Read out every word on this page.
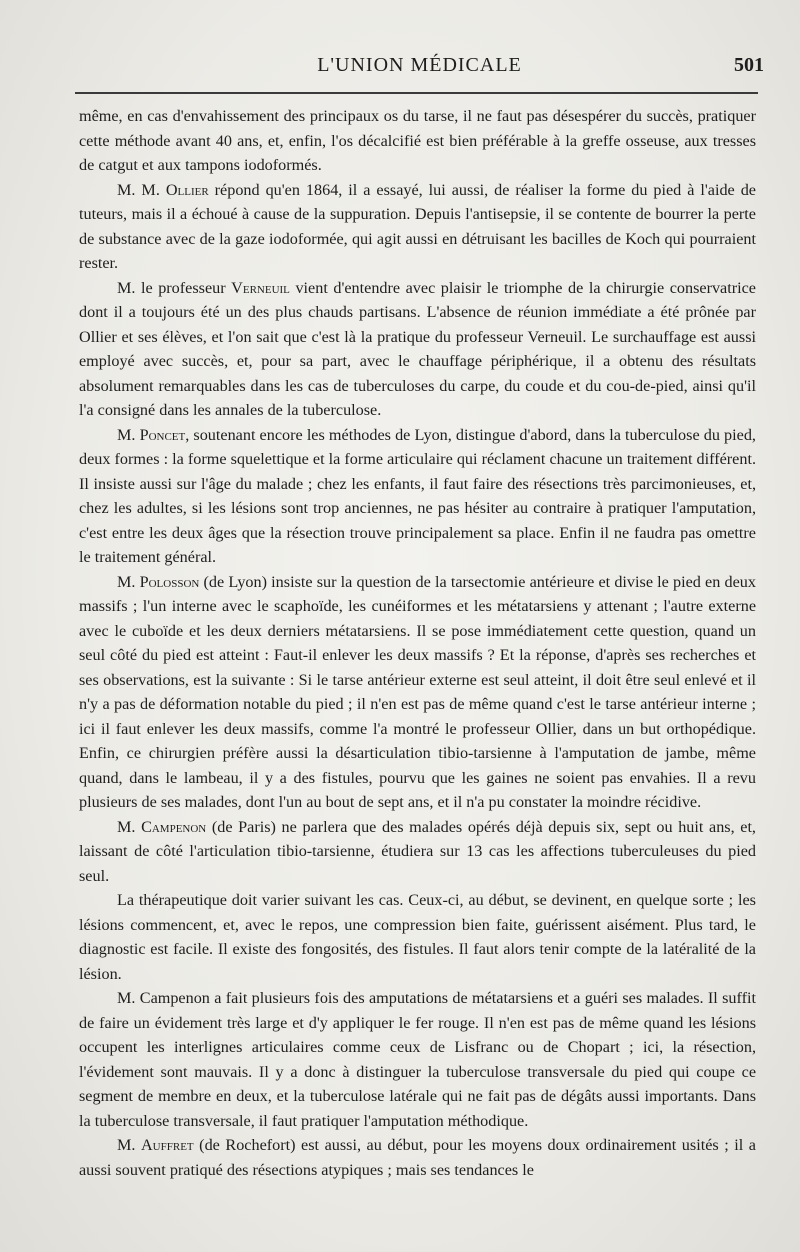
L'UNION MÉDICALE	501

même, en cas d'envahissement des principaux os du tarse, il ne faut pas désespérer du succès, pratiquer cette méthode avant 40 ans, et, enfin, l'os décalcifié est bien préférable à la greffe osseuse, aux tresses de catgut et aux tampons iodoformés.

M. M. Ollier répond qu'en 1864, il a essayé, lui aussi, de réaliser la forme du pied à l'aide de tuteurs, mais il a échoué à cause de la suppuration. Depuis l'antisepsie, il se contente de bourrer la perte de substance avec de la gaze iodoformée, qui agit aussi en détruisant les bacilles de Koch qui pourraient rester.

M. le professeur Verneuil vient d'entendre avec plaisir le triomphe de la chirurgie conservatrice dont il a toujours été un des plus chauds partisans. L'absence de réunion immédiate a été prônée par Ollier et ses élèves, et l'on sait que c'est là la pratique du professeur Verneuil. Le surchauffage est aussi employé avec succès, et, pour sa part, avec le chauffage périphérique, il a obtenu des résultats absolument remarquables dans les cas de tuberculoses du carpe, du coude et du cou-de-pied, ainsi qu'il l'a consigné dans les annales de la tuberculose.

M. Poncet, soutenant encore les méthodes de Lyon, distingue d'abord, dans la tuberculose du pied, deux formes : la forme squelettique et la forme articulaire qui réclament chacune un traitement différent. Il insiste aussi sur l'âge du malade ; chez les enfants, il faut faire des résections très parcimonieuses, et, chez les adultes, si les lésions sont trop anciennes, ne pas hésiter au contraire à pratiquer l'amputation, c'est entre les deux âges que la résection trouve principalement sa place. Enfin il ne faudra pas omettre le traitement général.

M. Polosson (de Lyon) insiste sur la question de la tarsectomie antérieure et divise le pied en deux massifs ; l'un interne avec le scaphoïde, les cunéiformes et les métatarsiens y attenant ; l'autre externe avec le cuboïde et les deux derniers métatarsiens. Il se pose immédiatement cette question, quand un seul côté du pied est atteint : Faut-il enlever les deux massifs ? Et la réponse, d'après ses recherches et ses observations, est la suivante : Si le tarse antérieur externe est seul atteint, il doit être seul enlevé et il n'y a pas de déformation notable du pied ; il n'en est pas de même quand c'est le tarse antérieur interne ; ici il faut enlever les deux massifs, comme l'a montré le professeur Ollier, dans un but orthopédique. Enfin, ce chirurgien préfère aussi la désarticulation tibio-tarsienne à l'amputation de jambe, même quand, dans le lambeau, il y a des fistules, pourvu que les gaines ne soient pas envahies. Il a revu plusieurs de ses malades, dont l'un au bout de sept ans, et il n'a pu constater la moindre récidive.

M. Campenon (de Paris) ne parlera que des malades opérés déjà depuis six, sept ou huit ans, et, laissant de côté l'articulation tibio-tarsienne, étudiera sur 13 cas les affections tuberculeuses du pied seul.

La thérapeutique doit varier suivant les cas. Ceux-ci, au début, se devinent, en quelque sorte ; les lésions commencent, et, avec le repos, une compression bien faite, guérissent aisément. Plus tard, le diagnostic est facile. Il existe des fongosités, des fistules. Il faut alors tenir compte de la latéralité de la lésion.

M. Campenon a fait plusieurs fois des amputations de métatarsiens et a guéri ses malades. Il suffit de faire un évidement très large et d'y appliquer le fer rouge. Il n'en est pas de même quand les lésions occupent les interlignes articulaires comme ceux de Lisfranc ou de Chopart ; ici, la résection, l'évidement sont mauvais. Il y a donc à distinguer la tuberculose transversale du pied qui coupe ce segment de membre en deux, et la tuberculose latérale qui ne fait pas de dégâts aussi importants. Dans la tuberculose transversale, il faut pratiquer l'amputation méthodique.

M. Auffret (de Rochefort) est aussi, au début, pour les moyens doux ordinairement usités ; il a aussi souvent pratiqué des résections atypiques ; mais ses tendances le
